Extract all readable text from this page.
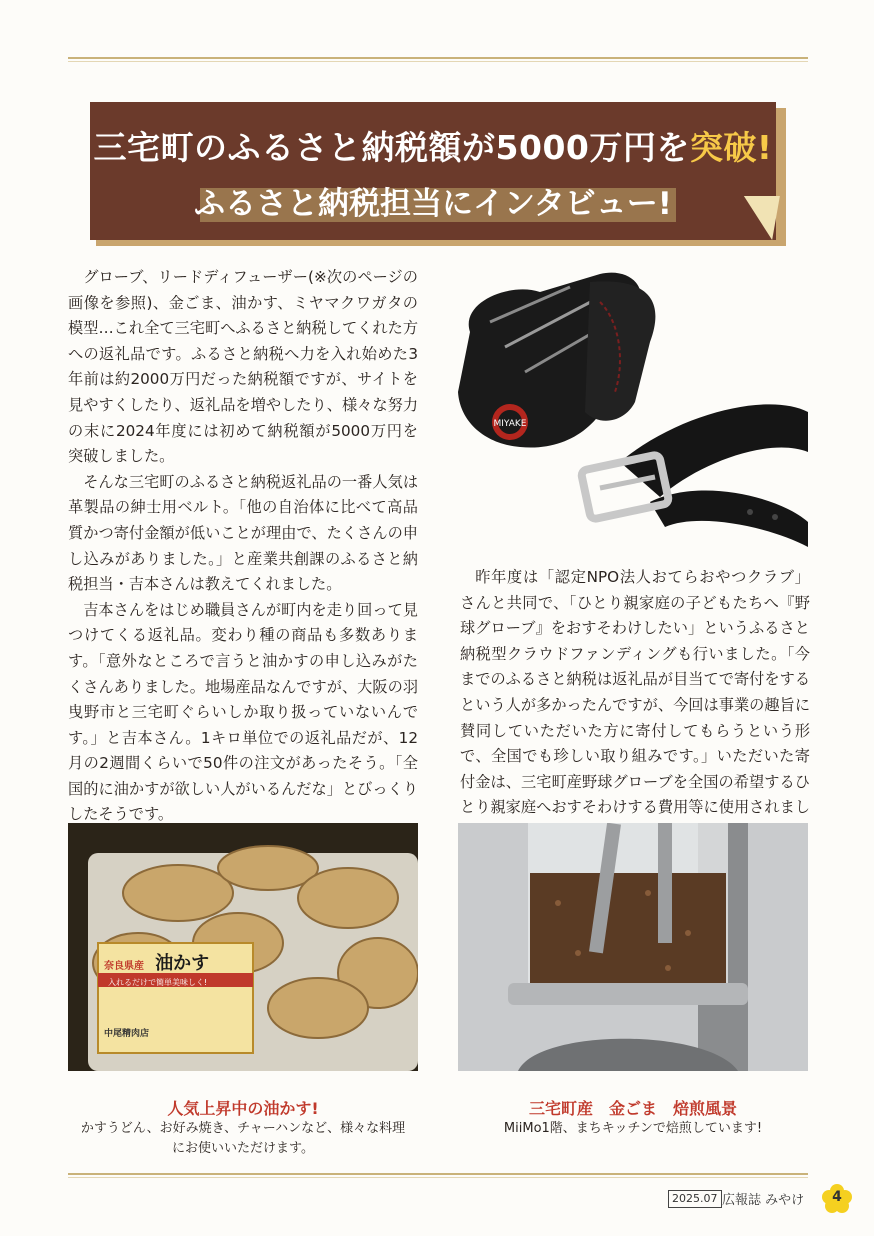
三宅町のふるさと納税額が5000万円を突破!
ふるさと納税担当にインタビュー!

グローブ、リードディフューザー(※次のページの画像を参照)、金ごま、油かす、ミヤマクワガタの模型…これ全て三宅町へふるさと納税してくれた方への返礼品です。ふるさと納税へ力を入れ始めた3年前は約2000万円だった納税額ですが、サイトを見やすくしたり、返礼品を増やしたり、様々な努力の末に2024年度には初めて納税額が5000万円を突破しました。

そんな三宅町のふるさと納税返礼品の一番人気は革製品の紳士用ベルト。「他の自治体に比べて高品質かつ寄付金額が低いことが理由で、たくさんの申し込みがありました。」と産業共創課のふるさと納税担当・吉本さんは教えてくれました。

吉本さんをはじめ職員さんが町内を走り回って見つけてくる返礼品。変わり種の商品も多数あります。「意外なところで言うと油かすの申し込みがたくさんありました。地場産品なんですが、大阪の羽曳野市と三宅町ぐらいしか取り扱っていないんです。」と吉本さん。1キロ単位での返礼品だが、12月の2週間くらいで50件の注文があったそう。「全国的に油かすが欲しい人がいるんだな」とびっくりしたそうです。

MIYAKE

昨年度は「認定NPO法人おてらおやつクラブ」さんと共同で、「ひとり親家庭の子どもたちへ『野球グローブ』をおすそわけしたい」というふるさと納税型クラウドファンディングも行いました。「今までのふるさと納税は返礼品が目当てで寄付をするという人が多かったんですが、今回は事業の趣旨に賛同していただいた方に寄付してもらうという形で、全国でも珍しい取り組みです。」いただいた寄付金は、三宅町産野球グローブを全国の希望するひとり親家庭へおすそわけする費用等に使用されまし

奈良県産 油かす
入れるだけで簡単美味しく!
中尾精肉店
人気上昇中の油かす!
かすうどん、お好み焼き、チャーハンなど、様々な料理にお使いいただけます。
三宅町産　金ごま　焙煎風景
MiiMo1階、まちキッチンで焙煎しています!
2025.07 広報誌 みやけ	4
